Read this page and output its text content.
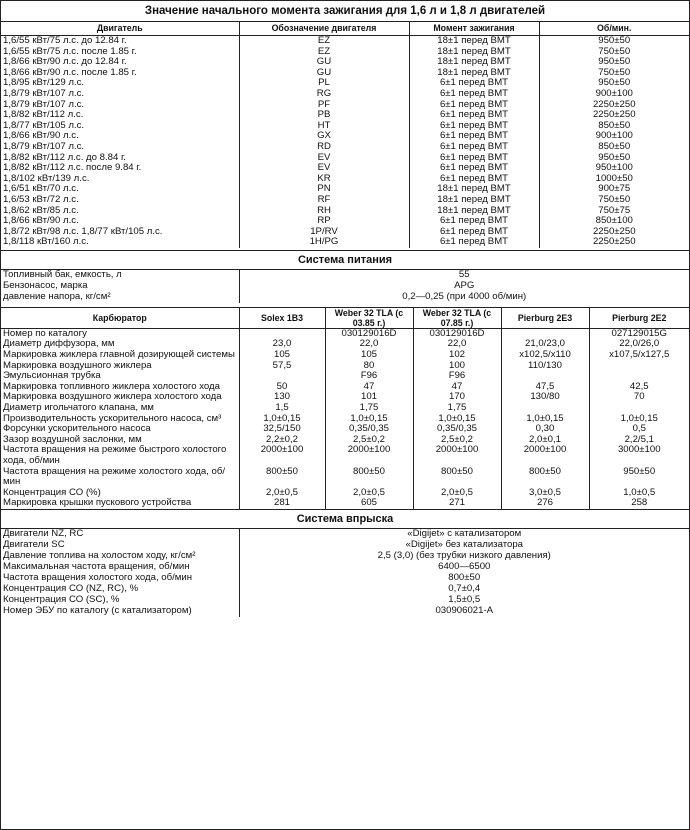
Значение начального момента зажигания для 1,6 л и 1,8 л двигателей
Двигатель	Обозначение двигателя	Момент зажигания	Об/мин.
1,6/55 кВт/75 л.с. до 12.84 г.	EZ	18±1 перед ВМТ	950±50
1,6/55 кВт/75 л.с. после 1.85 г.	EZ	18±1 перед ВМТ	750±50
1,8/66 кВт/90 л.с. до 12.84 г.	GU	18±1 перед ВМТ	950±50
1,8/66 кВт/90 л.с. после 1.85 г.	GU	18±1 перед ВМТ	750±50
1,8/95 кВт/129 л.с.	PL	6±1 перед ВМТ	950±50
1,8/79 кВт/107 л.с.	RG	6±1 перед ВМТ	900±100
1,8/79 кВт/107 л.с.	PF	6±1 перед ВМТ	2250±250
1,8/82 кВт/112 л.с.	PB	6±1 перед ВМТ	2250±250
1,8/77 кВт/105 л.с.	HT	6±1 перед ВМТ	850±50
1,8/66 кВт/90 л.с.	GX	6±1 перед ВМТ	900±100
1,8/79 кВт/107 л.с.	RD	6±1 перед ВМТ	850±50
1,8/82 кВт/112 л.с. до 8.84 г.	EV	6±1 перед ВМТ	950±50
1,8/82 кВт/112 л.с. после 9.84 г.	EV	6±1 перед ВМТ	950±100
1,8/102 кВт/139 л.с.	KR	6±1 перед ВМТ	1000±50
1,6/51 кВт/70 л.с.	PN	18±1 перед ВМТ	900±75
1,6/53 кВт/72 л.с.	RF	18±1 перед ВМТ	750±50
1,8/62 кВт/85 л.с.	RH	18±1 перед ВМТ	750±75
1,8/66 кВт/90 л.с.	RP	6±1 перед ВМТ	850±100
1,8/72 кВт/98 л.с. 1,8/77 кВт/105 л.с.	1P/RV	6±1 перед ВМТ	2250±250
1,8/118 кВт/160 л.с.	1H/PG	6±1 перед ВМТ	2250±250
Система питания
Топливный бак, емкость, л	55
Бензонасос, марка	APG
давление напора, кг/см²	0,2—0,25 (при 4000 об/мин)
Карбюратор	Solex 1B3	Weber 32 TLA (с 03.85 г.)	Weber 32 TLA (с 07.85 г.)	Pierburg 2E3	Pierburg 2E2
Номер по каталогу		030129016D	030129016D		027129015G
Диаметр диффузора, мм	23,0	22,0	22,0	21,0/23,0	22,0/26,0
Маркировка жиклера главной дозирующей системы	105	105	102	x102,5/x110	x107,5/x127,5
Маркировка воздушного жиклера	57,5	80	100	110/130	
Эмульсионная трубка		F96	F96		
Маркировка топливного жиклера холостого хода	50	47	47	47,5	42,5
Маркировка воздушного жиклера холостого хода	130	101	170	130/80	70
Диаметр игольчатого клапана, мм	1,5	1,75	1,75		
Производительность ускорительного насоса, см³	1,0±0,15	1,0±0,15	1,0±0,15	1,0±0,15	1,0±0,15
Форсунки ускорительного насоса	32,5/150	0,35/0,35	0,35/0,35	0,30	0,5
Зазор воздушной заслонки, мм	2,2±0,2	2,5±0,2	2,5±0,2	2,0±0,1	2,2/5,1
Частота вращения на режиме быстрого холостого хода, об/мин	2000±100	2000±100	2000±100	2000±100	3000±100
Частота вращения на режиме холостого хода, об/мин	800±50	800±50	800±50	800±50	950±50
Концентрация СО (%)	2,0±0,5	2,0±0,5	2,0±0,5	3,0±0,5	1,0±0,5
Маркировка крышки пускового устройства	281	605	271	276	258
Система впрыска
Двигатели NZ, RC	«Digijet» с катализатором
Двигатели SC	«Digijet» без катализатора
Давление топлива на холостом ходу, кг/см²	2,5 (3,0) (без трубки низкого давления)
Максимальная частота вращения, об/мин	6400—6500
Частота вращения холостого хода, об/мин	800±50
Концентрация СО (NZ, RC), %	0,7±0,4
Концентрация СО (SC), %	1,5±0,5
Номер ЭБУ по каталогу (с катализатором)	030906021-A
